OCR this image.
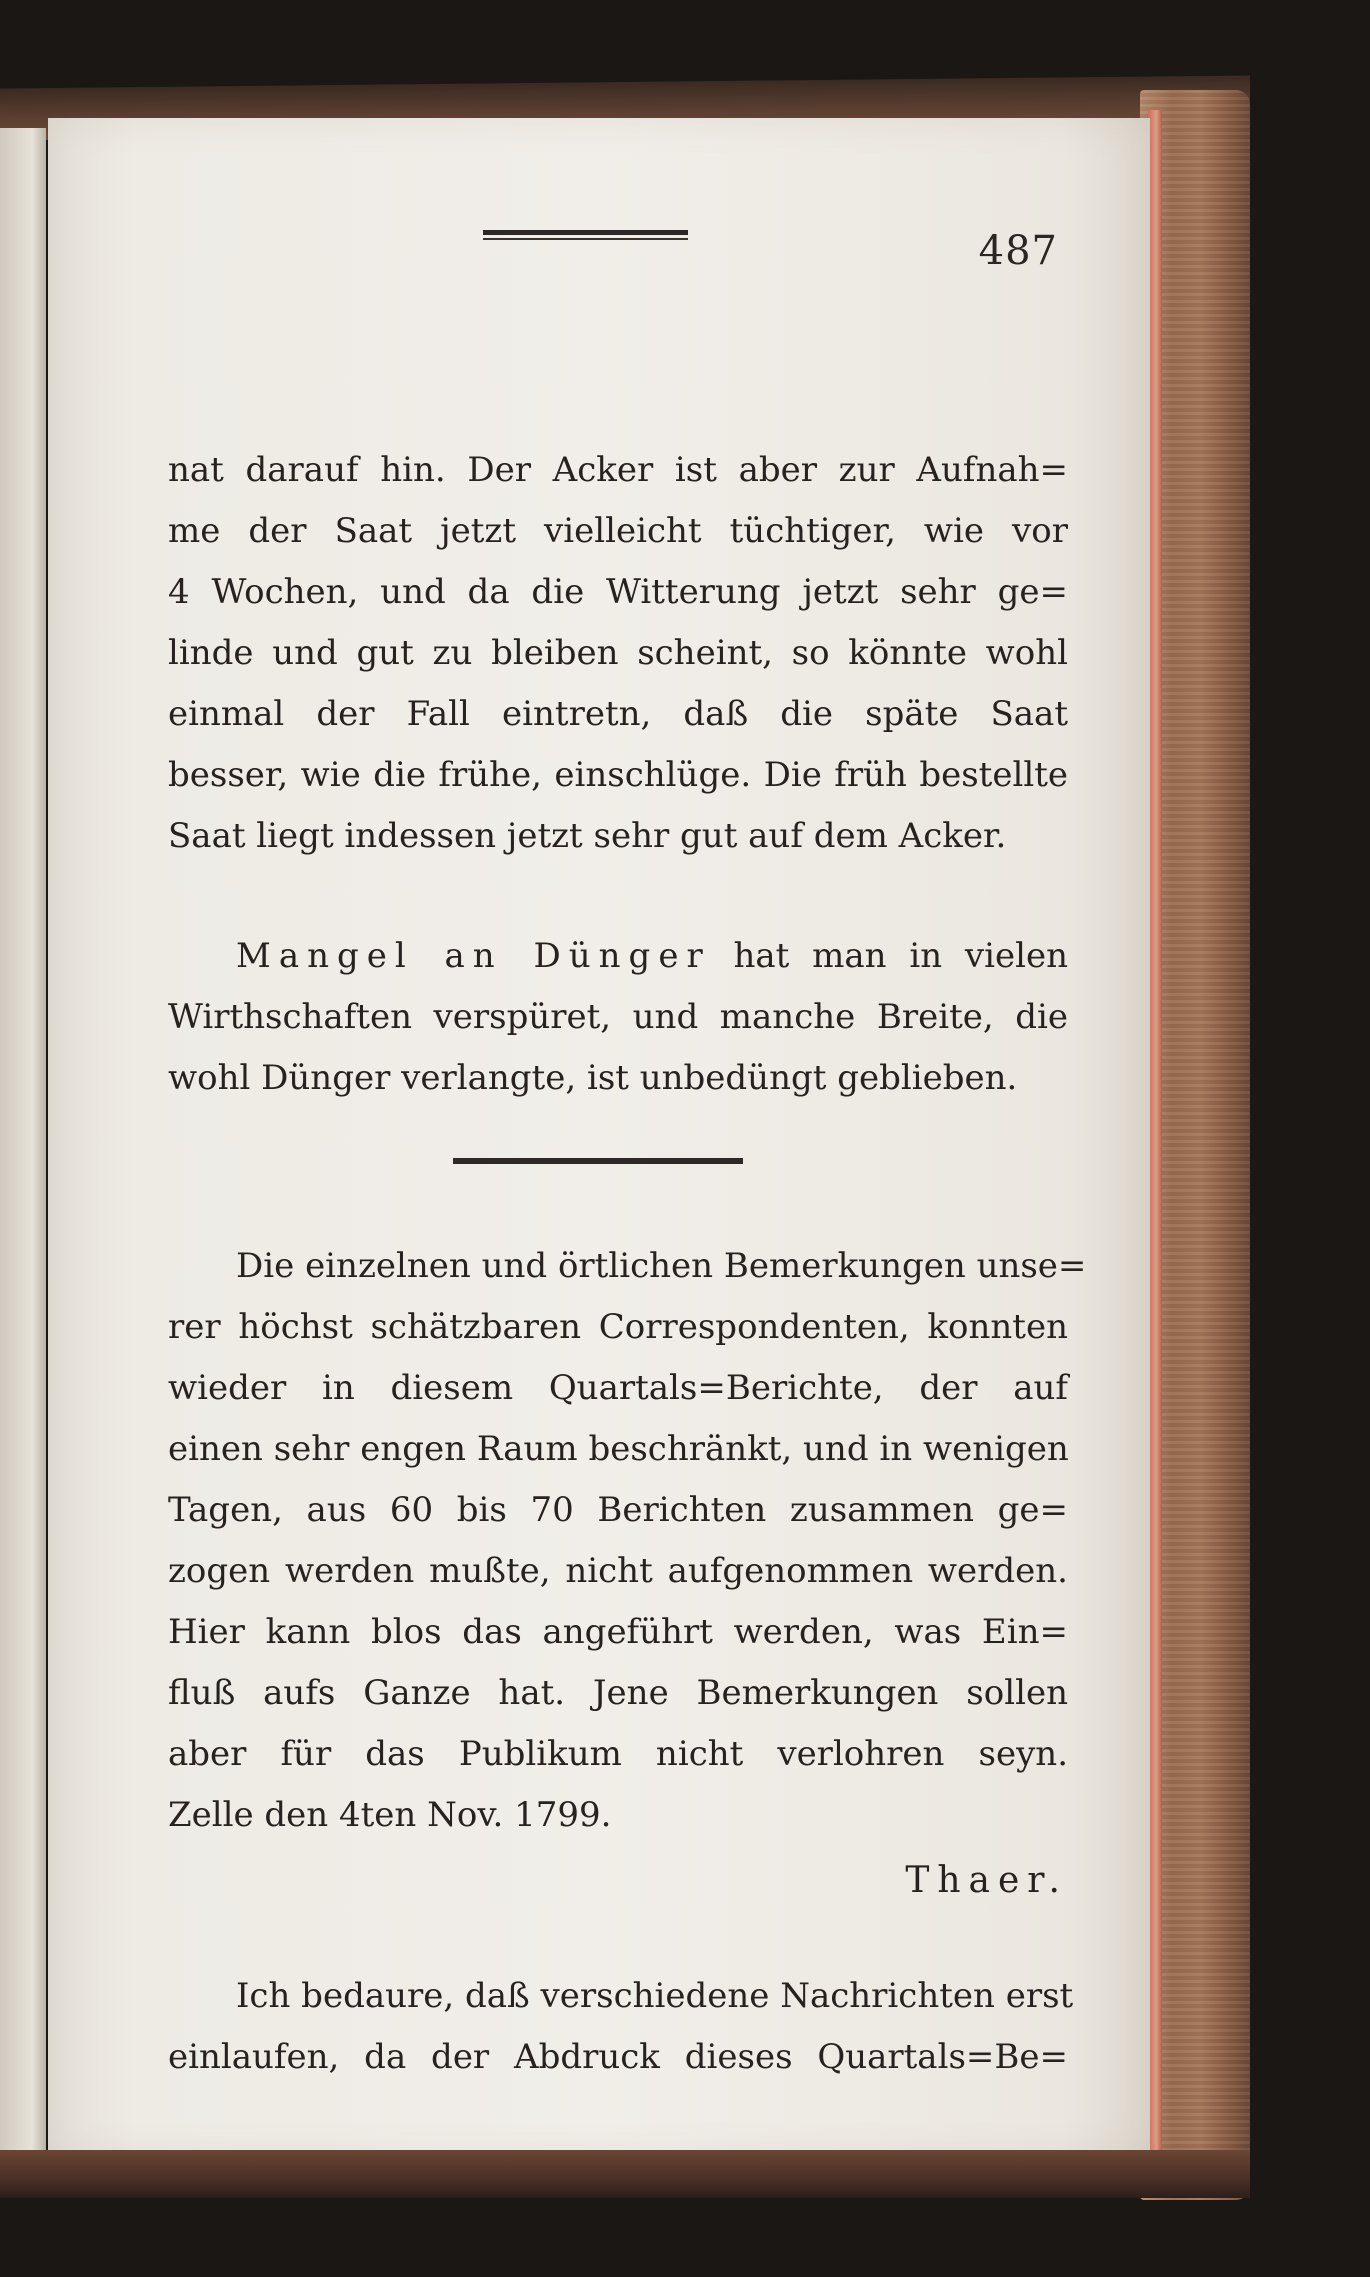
487
nat darauf hin. Der Acker ist aber zur Aufnah=
me der Saat jetzt vielleicht tüchtiger, wie vor
4 Wochen, und da die Witterung jetzt sehr ge=
linde und gut zu bleiben scheint, so könnte wohl
einmal der Fall eintretn, daß die späte Saat
besser, wie die frühe, einschlüge. Die früh bestellte
Saat liegt indessen jetzt sehr gut auf dem Acker.
Mangel an Dünger hat man in vielen
Wirthschaften verspüret, und manche Breite, die
wohl Dünger verlangte, ist unbedüngt geblieben.
Die einzelnen und örtlichen Bemerkungen unse=
rer höchst schätzbaren Correspondenten, konnten
wieder in diesem Quartals=Berichte, der auf
einen sehr engen Raum beschränkt, und in wenigen
Tagen, aus 60 bis 70 Berichten zusammen ge=
zogen werden mußte, nicht aufgenommen werden.
Hier kann blos das angeführt werden, was Ein=
fluß aufs Ganze hat. Jene Bemerkungen sollen
aber für das Publikum nicht verlohren seyn.
Zelle den 4ten Nov. 1799.
Thaer.
Ich bedaure, daß verschiedene Nachrichten erst
einlaufen, da der Abdruck dieses Quartals=Be=
